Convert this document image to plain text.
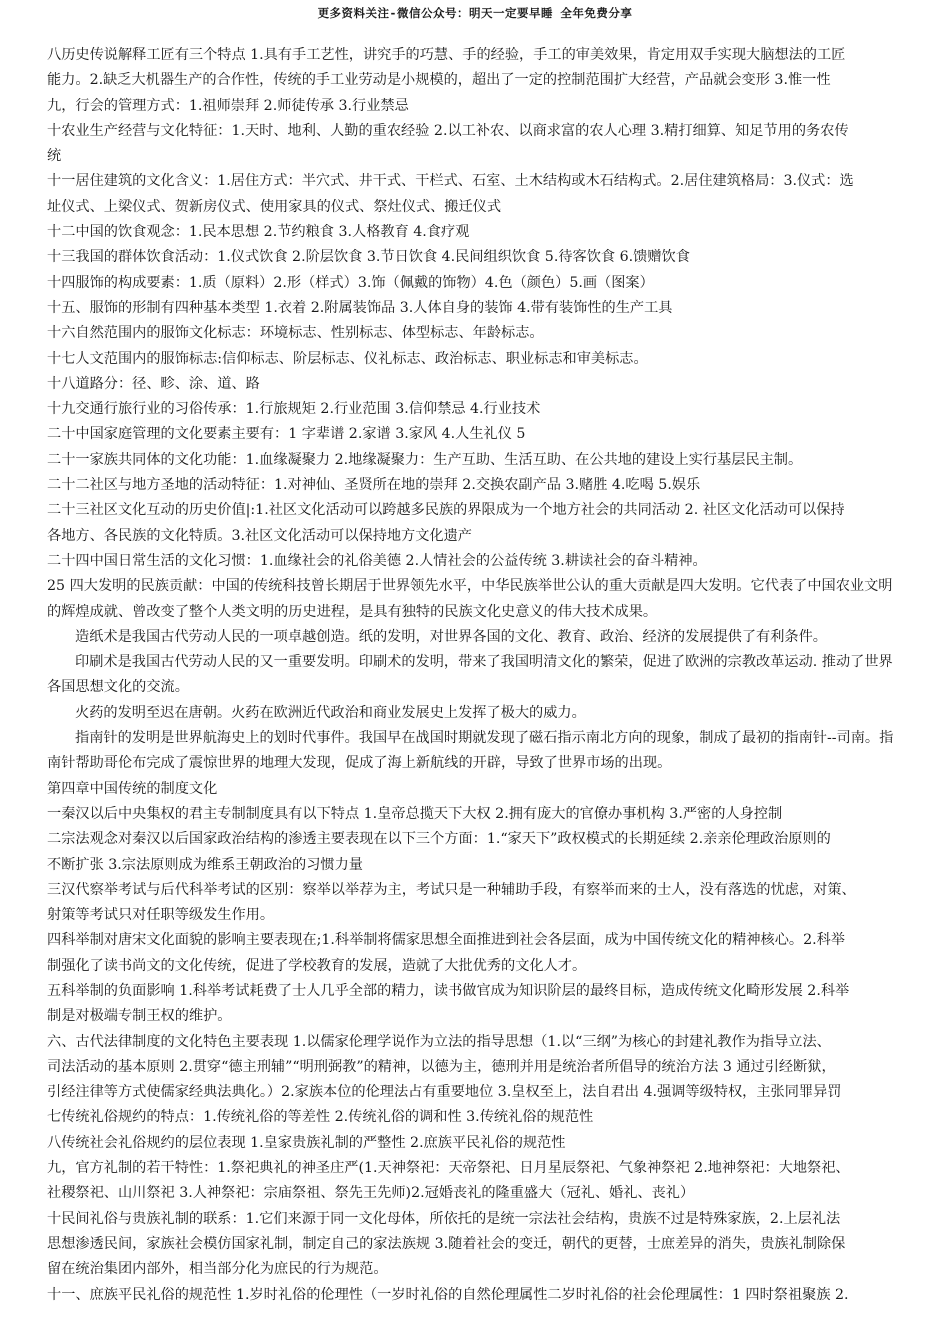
更多资料关注-微信公众号：明天一定要早睡 全年免费分享
八历史传说解释工匠有三个特点 1.具有手工艺性，讲究手的巧慧、手的经验，手工的审美效果，肯定用双手实现大脑想法的工匠
能力。2.缺乏大机器生产的合作性，传统的手工业劳动是小规模的，超出了一定的控制范围扩大经营，产品就会变形 3.惟一性
九，行会的管理方式：1.祖师崇拜 2.师徒传承 3.行业禁忌
十农业生产经营与文化特征：1.天时、地利、人勤的重农经验 2.以工补农、以商求富的农人心理 3.精打细算、知足节用的务农传
统
十一居住建筑的文化含义：1.居住方式：半穴式、井干式、干栏式、石室、土木结构或木石结构式。2.居住建筑格局：3.仪式：选
址仪式、上梁仪式、贺新房仪式、使用家具的仪式、祭灶仪式、搬迁仪式
十二中国的饮食观念：1.民本思想 2.节约粮食 3.人格教育 4.食疗观
十三我国的群体饮食活动：1.仪式饮食 2.阶层饮食 3.节日饮食 4.民间组织饮食 5.待客饮食 6.馈赠饮食
十四服饰的构成要素：1.质（原料）2.形（样式）3.饰（佩戴的饰物）4.色（颜色）5.画（图案）
十五、服饰的形制有四种基本类型 1.衣着 2.附属装饰品 3.人体自身的装饰 4.带有装饰性的生产工具
十六自然范围内的服饰文化标志：环境标志、性别标志、体型标志、年龄标志。
十七人文范围内的服饰标志:信仰标志、阶层标志、仪礼标志、政治标志、职业标志和审美标志。
十八道路分：径、畛、涂、道、路
十九交通行旅行业的习俗传承：1.行旅规矩 2.行业范围 3.信仰禁忌 4.行业技术
二十中国家庭管理的文化要素主要有：1 字辈谱 2.家谱 3.家风 4.人生礼仪 5
二十一家族共同体的文化功能：1.血缘凝聚力 2.地缘凝聚力：生产互助、生活互助、在公共地的建设上实行基层民主制。
二十二社区与地方圣地的活动特征：1.对神仙、圣贤所在地的崇拜 2.交换农副产品 3.赌胜 4.吃喝 5.娱乐
二十三社区文化互动的历史价值|:1.社区文化活动可以跨越多民族的界限成为一个地方社会的共同活动 2. 社区文化活动可以保持
各地方、各民族的文化特质。3.社区文化活动可以保持地方文化遗产
二十四中国日常生活的文化习惯：1.血缘社会的礼俗美德 2.人情社会的公益传统 3.耕读社会的奋斗精神。
25 四大发明的民族贡献：中国的传统科技曾长期居于世界领先水平，中华民族举世公认的重大贡献是四大发明。它代表了中国农业文明
的辉煌成就、曾改变了整个人类文明的历史进程，是具有独特的民族文化史意义的伟大技术成果。
造纸术是我国古代劳动人民的一项卓越创造。纸的发明，对世界各国的文化、教育、政治、经济的发展提供了有利条件。
印刷术是我国古代劳动人民的又一重要发明。印刷术的发明，带来了我国明清文化的繁荣，促进了欧洲的宗教改革运动. 推动了世界
各国思想文化的交流。
火药的发明至迟在唐朝。火药在欧洲近代政治和商业发展史上发挥了极大的威力。
指南针的发明是世界航海史上的划时代事件。我国早在战国时期就发现了磁石指示南北方向的现象，制成了最初的指南针--司南。指
南针帮助哥伦布完成了震惊世界的地理大发现，促成了海上新航线的开辟，导致了世界市场的出现。
第四章中国传统的制度文化
一秦汉以后中央集权的君主专制制度具有以下特点 1.皇帝总揽天下大权 2.拥有庞大的官僚办事机构 3.严密的人身控制
二宗法观念对秦汉以后国家政治结构的渗透主要表现在以下三个方面：1.“家天下”政权模式的长期延续 2.亲亲伦理政治原则的
不断扩张 3.宗法原则成为维系王朝政治的习惯力量
三汉代察举考试与后代科举考试的区别：察举以举荐为主，考试只是一种辅助手段，有察举而来的士人，没有落选的忧虑，对策、
射策等考试只对任职等级发生作用。
四科举制对唐宋文化面貌的影响主要表现在;1.科举制将儒家思想全面推进到社会各层面，成为中国传统文化的精神核心。2.科举
制强化了读书尚文的文化传统，促进了学校教育的发展，造就了大批优秀的文化人才。
五科举制的负面影响 1.科举考试耗费了士人几乎全部的精力，读书做官成为知识阶层的最终目标，造成传统文化畸形发展 2.科举
制是对极端专制王权的维护。
六、古代法律制度的文化特色主要表现 1.以儒家伦理学说作为立法的指导思想（1.以“三纲”为核心的封建礼教作为指导立法、
司法活动的基本原则 2.贯穿“德主刑辅”“明刑弼教”的精神，以德为主，德刑并用是统治者所倡导的统治方法 3 通过引经断狱，
引经注律等方式使儒家经典法典化。）2.家族本位的伦理法占有重要地位 3.皇权至上，法自君出 4.强调等级特权，主张同罪异罚
七传统礼俗规约的特点：1.传统礼俗的等差性 2.传统礼俗的调和性 3.传统礼俗的规范性
八传统社会礼俗规约的层位表现 1.皇家贵族礼制的严整性 2.庶族平民礼俗的规范性
九，官方礼制的若干特性：1.祭祀典礼的神圣庄严(1.天神祭祀：天帝祭祀、日月星辰祭祀、气象神祭祀 2.地神祭祀：大地祭祀、
社稷祭祀、山川祭祀 3.人神祭祀：宗庙祭祖、祭先王先师)2.冠婚丧礼的隆重盛大（冠礼、婚礼、丧礼）
十民间礼俗与贵族礼制的联系：1.它们来源于同一文化母体，所依托的是统一宗法社会结构，贵族不过是特殊家族，2.上层礼法
思想渗透民间，家族社会模仿国家礼制，制定自己的家法族规 3.随着社会的变迁，朝代的更替，士庶差异的消失，贵族礼制除保
留在统治集团内部外，相当部分化为庶民的行为规范。
十一、庶族平民礼俗的规范性 1.岁时礼俗的伦理性（一岁时礼俗的自然伦理属性二岁时礼俗的社会伦理属性：1 四时祭祖聚族 2.
